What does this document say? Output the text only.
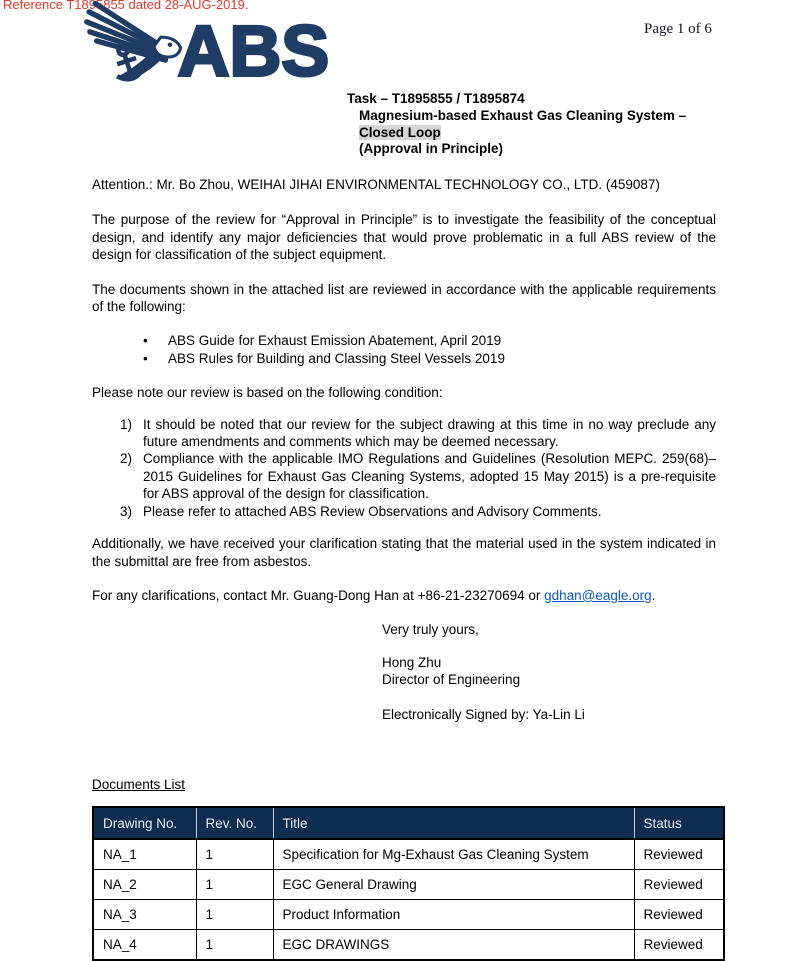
Reference T1895855 dated 28-AUG-2019.
ABS	Page 1 of 6
Task – T1895855 / T1895874
Magnesium-based Exhaust Gas Cleaning System –
Closed Loop
(Approval in Principle)

Attention.: Mr. Bo Zhou, WEIHAI JIHAI ENVIRONMENTAL TECHNOLOGY CO., LTD. (459087)

The purpose of the review for “Approval in Principle” is to investigate the feasibility of the conceptual design, and identify any major deficiencies that would prove problematic in a full ABS review of the design for classification of the subject equipment.

The documents shown in the attached list are reviewed in accordance with the applicable requirements of the following:

•	ABS Guide for Exhaust Emission Abatement, April 2019
•	ABS Rules for Building and Classing Steel Vessels 2019

Please note our review is based on the following condition:

1) It should be noted that our review for the subject drawing at this time in no way preclude any future amendments and comments which may be deemed necessary.
2) Compliance with the applicable IMO Regulations and Guidelines (Resolution MEPC. 259(68)– 2015 Guidelines for Exhaust Gas Cleaning Systems, adopted 15 May 2015) is a pre-requisite for ABS approval of the design for classification.
3) Please refer to attached ABS Review Observations and Advisory Comments.

Additionally, we have received your clarification stating that the material used in the system indicated in the submittal are free from asbestos.

For any clarifications, contact Mr. Guang-Dong Han at +86-21-23270694 or gdhan@eagle.org.

Very truly yours,
Hong Zhu
Director of Engineering
Electronically Signed by: Ya-Lin Li
Documents List
Drawing No.	Rev. No.	Title	Status
NA_1	1	Specification for Mg-Exhaust Gas Cleaning System	Reviewed
NA_2	1	EGC General Drawing	Reviewed
NA_3	1	Product Information	Reviewed
NA_4	1	EGC DRAWINGS	Reviewed
